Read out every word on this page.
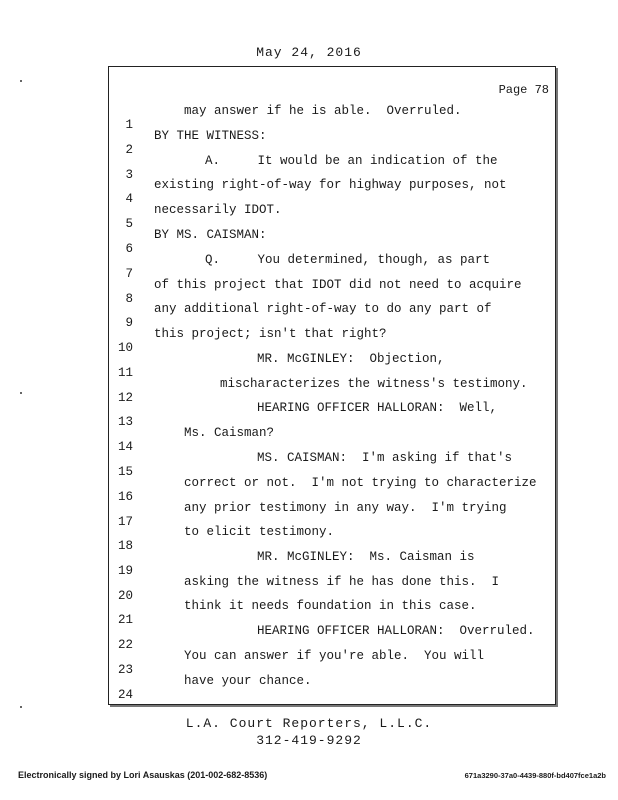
May 24, 2016
Page 78

1

may answer if he is able.  Overruled.

2

BY THE WITNESS:

3

A.     It would be an indication of the

4

existing right-of-way for highway purposes, not

5

necessarily IDOT.

6

BY MS. CAISMAN:

7

Q.     You determined, though, as part

8

of this project that IDOT did not need to acquire

9

any additional right-of-way to do any part of

10

this project; isn't that right?

11

MR. McGINLEY:  Objection,

12

mischaracterizes the witness's testimony.

13

HEARING OFFICER HALLORAN:  Well,

14

Ms. Caisman?

15

MS. CAISMAN:  I'm asking if that's

16

correct or not.  I'm not trying to characterize

17

any prior testimony in any way.  I'm trying

18

to elicit testimony.

19

MR. McGINLEY:  Ms. Caisman is

20

asking the witness if he has done this.  I

21

think it needs foundation in this case.

22

HEARING OFFICER HALLORAN:  Overruled.

23

You can answer if you're able.  You will

24

have your chance.

L.A. Court Reporters, L.L.C.
312-419-9292
Electronically signed by Lori Asauskas (201-002-682-8536)	671a3290-37a0-4439-880f-bd407fce1a2b
